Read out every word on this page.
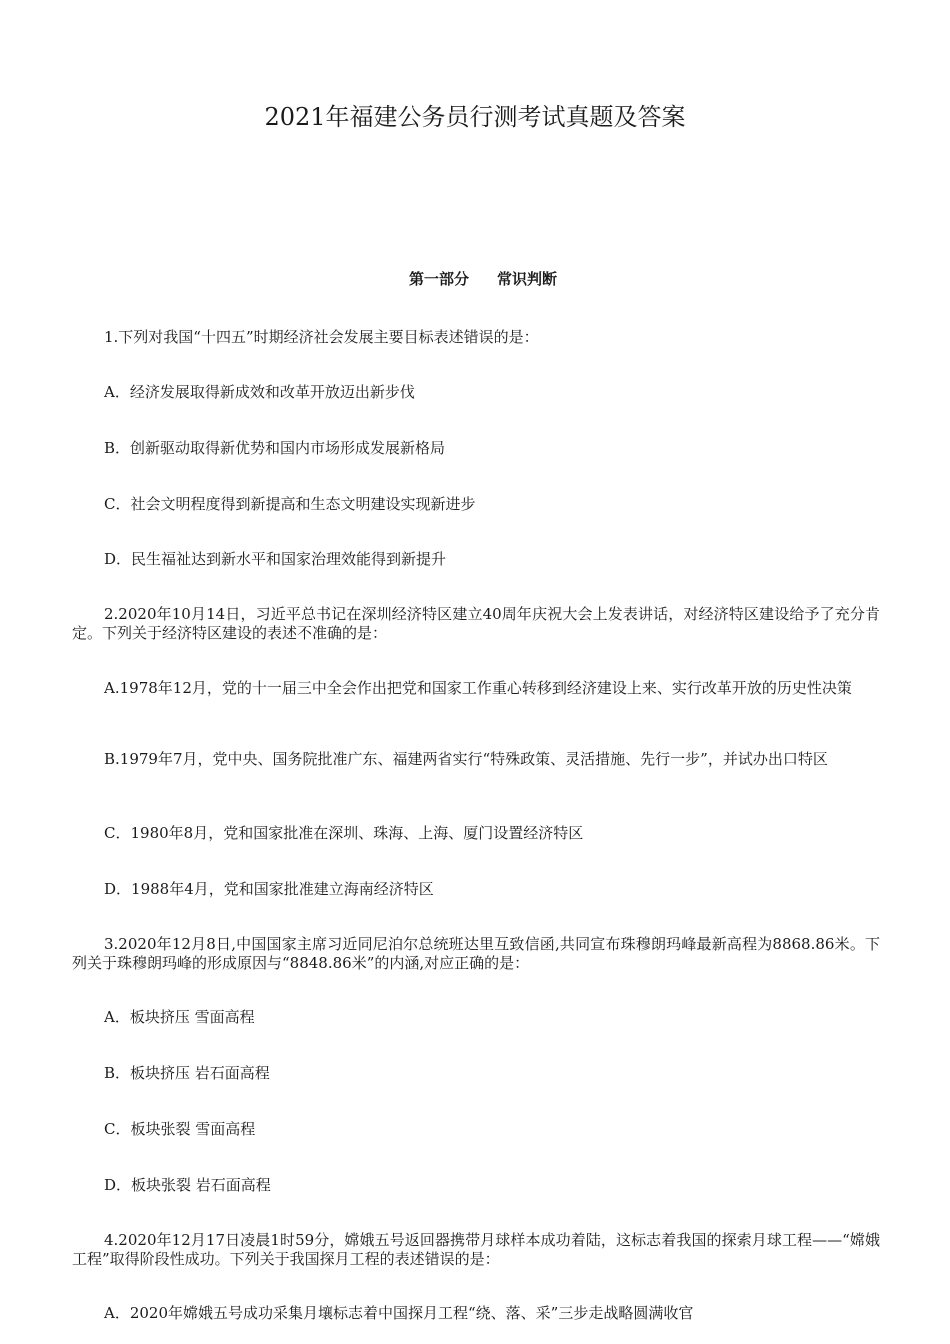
2021年福建公务员行测考试真题及答案
第一部分 常识判断
1.下列对我国“十四五”时期经济社会发展主要目标表述错误的是：
A．经济发展取得新成效和改革开放迈出新步伐
B．创新驱动取得新优势和国内市场形成发展新格局
C．社会文明程度得到新提高和生态文明建设实现新进步
D．民生福祉达到新水平和国家治理效能得到新提升
2.2020年10月14日，习近平总书记在深圳经济特区建立40周年庆祝大会上发表讲话，对经济特区建设给予了充分肯定。下列关于经济特区建设的表述不准确的是：
A.1978年12月，党的十一届三中全会作出把党和国家工作重心转移到经济建设上来、实行改革开放的历史性决策
B.1979年7月，党中央、国务院批准广东、福建两省实行“特殊政策、灵活措施、先行一步”，并试办出口特区
C．1980年8月，党和国家批准在深圳、珠海、上海、厦门设置经济特区
D．1988年4月，党和国家批准建立海南经济特区
3.2020年12月8日,中国国家主席习近同尼泊尔总统班达里互致信函,共同宣布珠穆朗玛峰最新高程为8868.86米。下列关于珠穆朗玛峰的形成原因与“8848.86米”的内涵,对应正确的是：
A．板块挤压 雪面高程
B．板块挤压 岩石面高程
C．板块张裂 雪面高程
D．板块张裂 岩石面高程
4.2020年12月17日凌晨1时59分，嫦娥五号返回器携带月球样本成功着陆，这标志着我国的探索月球工程——“嫦娥工程”取得阶段性成功。下列关于我国探月工程的表述错误的是：
A．2020年嫦娥五号成功采集月壤标志着中国探月工程“绕、落、采”三步走战略圆满收官
